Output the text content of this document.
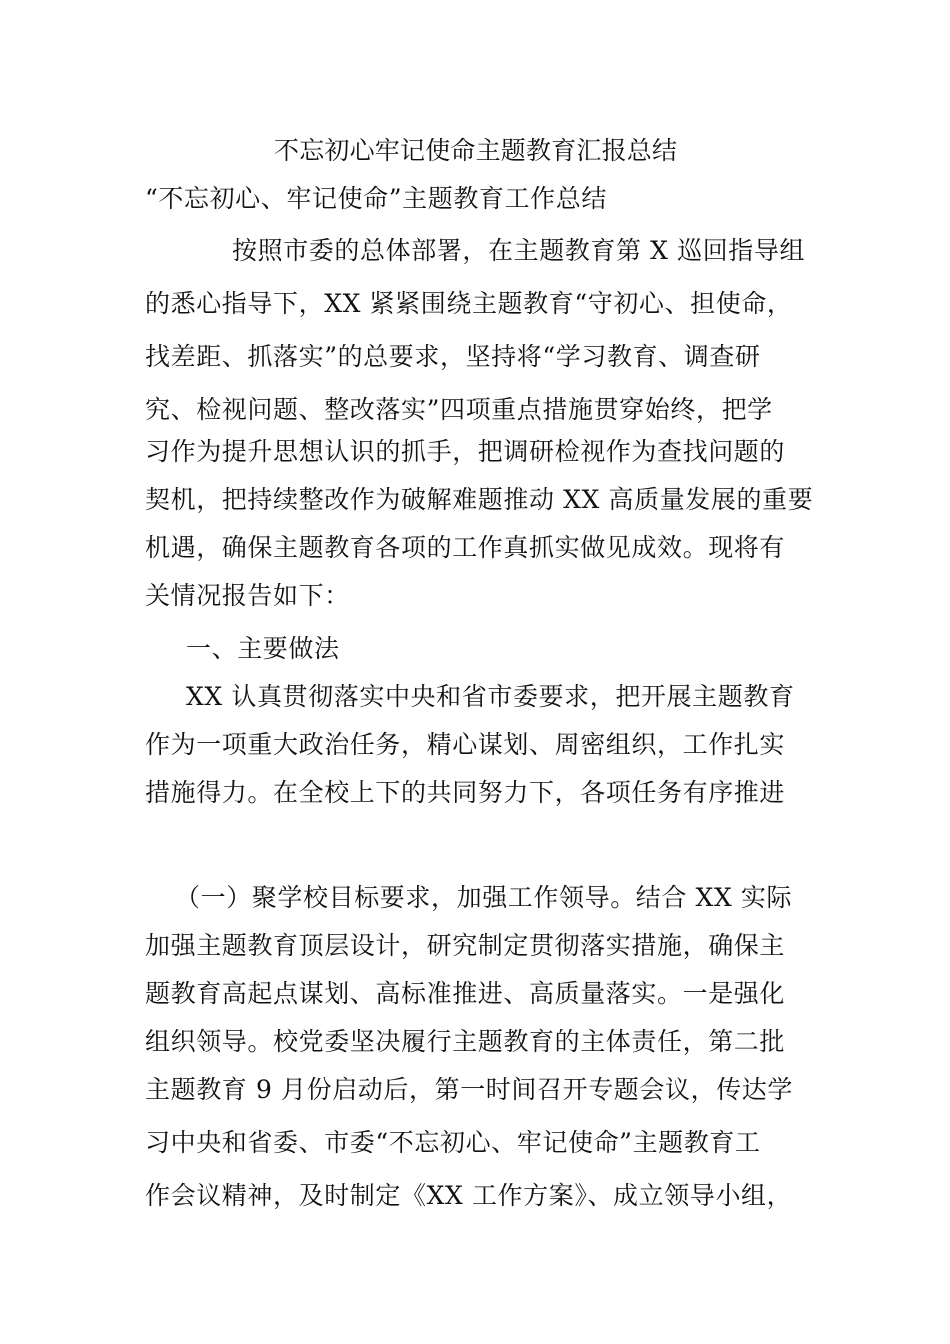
不忘初心牢记使命主题教育汇报总结
“不忘初心、牢记使命”主题教育工作总结
按照市委的总体部署，在主题教育第 X 巡回指导组
的悉心指导下，XX 紧紧围绕主题教育“守初心、担使命，
找差距、抓落实”的总要求，坚持将“学习教育、调查研
究、检视问题、整改落实”四项重点措施贯穿始终，把学
习作为提升思想认识的抓手，把调研检视作为查找问题的
契机，把持续整改作为破解难题推动 XX 高质量发展的重要
机遇，确保主题教育各项的工作真抓实做见成效。现将有
关情况报告如下：
一、主要做法
XX 认真贯彻落实中央和省市委要求，把开展主题教育
作为一项重大政治任务，精心谋划、周密组织，工作扎实
措施得力。在全校上下的共同努力下，各项任务有序推进
（一）聚学校目标要求，加强工作领导。结合 XX 实际
加强主题教育顶层设计，研究制定贯彻落实措施，确保主
题教育高起点谋划、高标准推进、高质量落实。一是强化
组织领导。校党委坚决履行主题教育的主体责任，第二批
主题教育 9 月份启动后，第一时间召开专题会议，传达学
习中央和省委、市委“不忘初心、牢记使命”主题教育工
作会议精神，及时制定《XX 工作方案》、成立领导小组，
